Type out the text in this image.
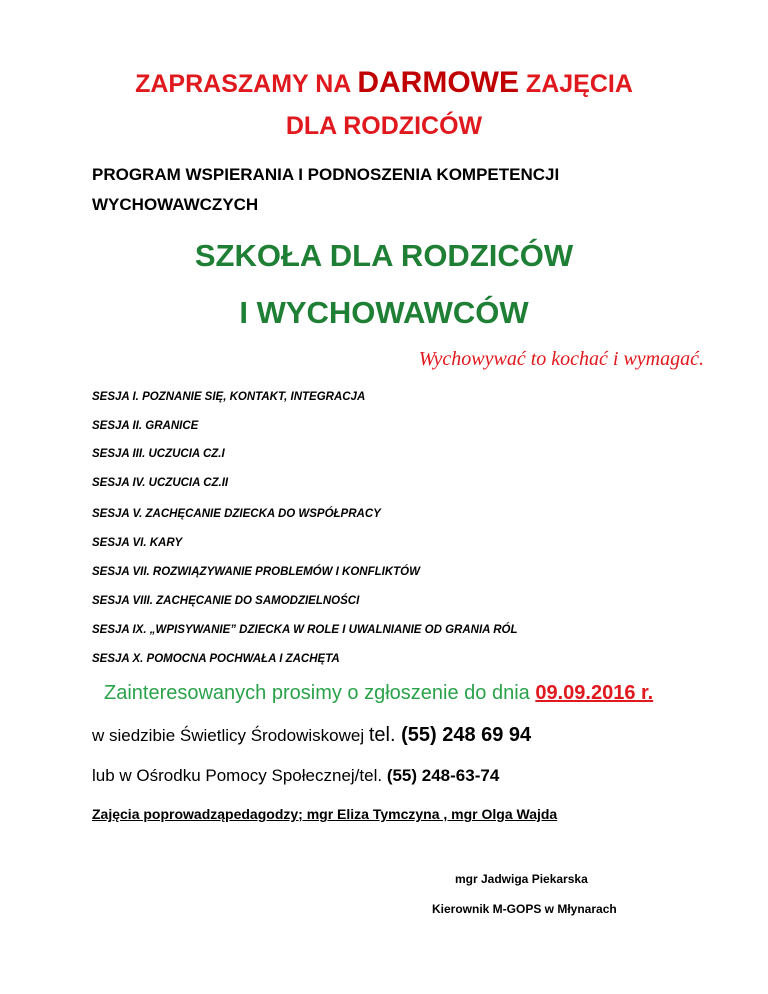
ZAPRASZAMY NA DARMOWE ZAJĘCIA
DLA RODZICÓW
PROGRAM WSPIERANIA I PODNOSZENIA KOMPETENCJI
WYCHOWAWCZYCH
SZKOŁA DLA RODZICÓW
I WYCHOWAWCÓW
Wychowywać to kochać i wymagać.
SESJA I. POZNANIE SIĘ, KONTAKT, INTEGRACJA
SESJA II. GRANICE
SESJA III. UCZUCIA CZ.I
SESJA IV. UCZUCIA CZ.II
SESJA V. ZACHĘCANIE DZIECKA DO WSPÓŁPRACY
SESJA VI. KARY
SESJA VII. ROZWIĄZYWANIE PROBLEMÓW I KONFLIKTÓW
SESJA VIII. ZACHĘCANIE DO SAMODZIELNOŚCI
SESJA IX. „WPISYWANIE” DZIECKA W ROLE I UWALNIANIE OD GRANIA RÓL
SESJA X. POMOCNA POCHWAŁA I ZACHĘTA
Zainteresowanych prosimy o zgłoszenie do dnia 09.09.2016 r.
w siedzibie Świetlicy Środowiskowej tel. (55) 248 69 94
lub w Ośrodku Pomocy Społecznej/tel. (55) 248-63-74
Zajęcia poprowadząpedagodzy; mgr Eliza Tymczyna , mgr Olga Wajda
mgr Jadwiga Piekarska
Kierownik M-GOPS w Młynarach
